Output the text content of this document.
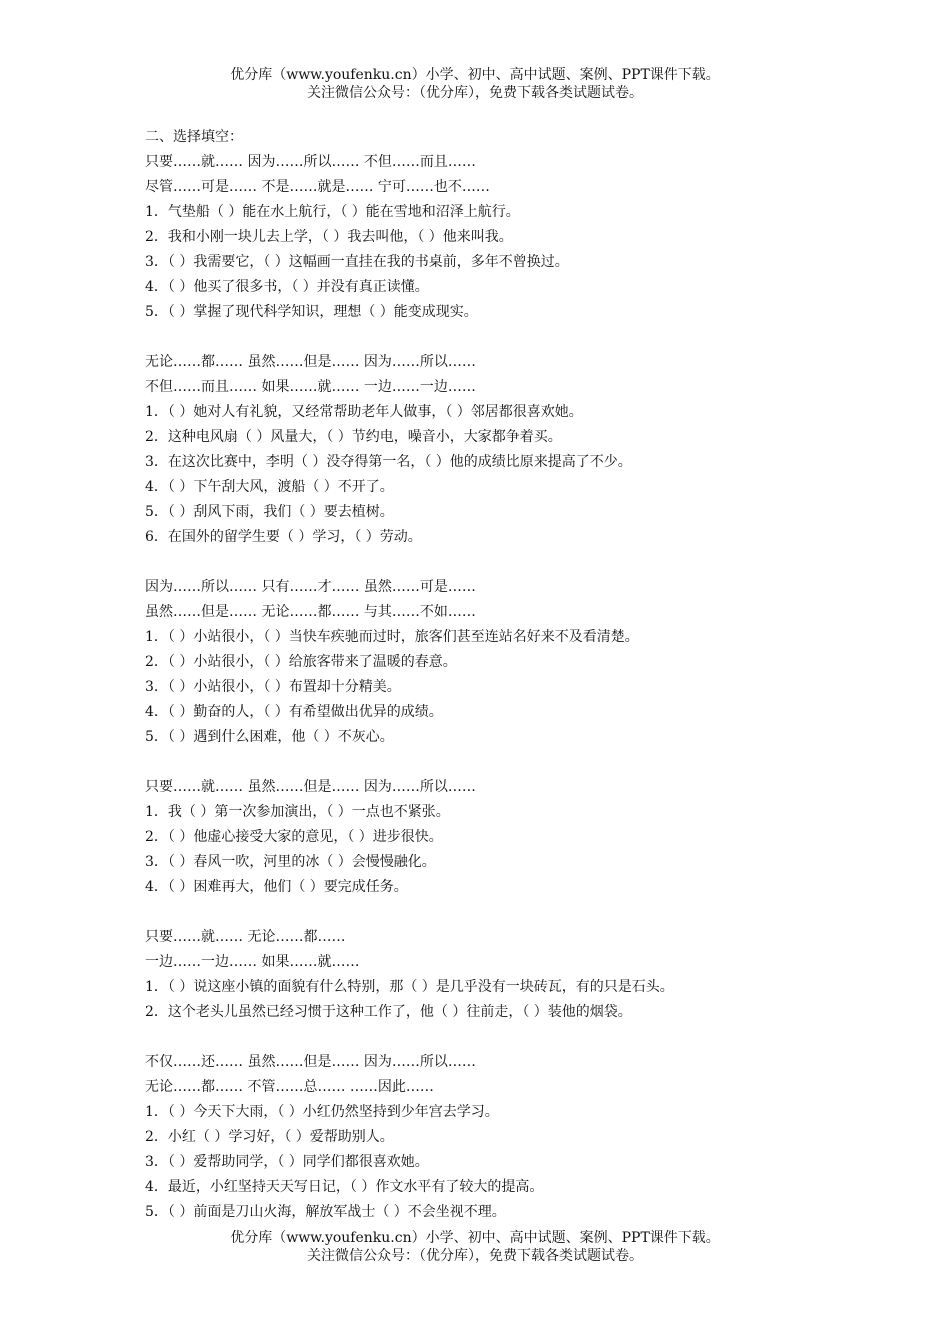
优分库（www.youfenku.cn）小学、初中、高中试题、案例、PPT课件下载。
关注微信公众号：（优分库），免费下载各类试题试卷。
二、选择填空：
只要……就…… 因为……所以…… 不但……而且……
尽管……可是…… 不是……就是…… 宁可……也不……
1．气垫船（ ）能在水上航行，（ ）能在雪地和沼泽上航行。
2．我和小刚一块儿去上学，（ ）我去叫他，（ ）他来叫我。
3．（ ）我需要它，（ ）这幅画一直挂在我的书桌前，多年不曾换过。
4．（ ）他买了很多书，（ ）并没有真正读懂。
5．（ ）掌握了现代科学知识，理想（ ）能变成现实。
无论……都…… 虽然……但是…… 因为……所以……
不但……而且…… 如果……就…… 一边……一边……
1．（ ）她对人有礼貌，又经常帮助老年人做事，（ ）邻居都很喜欢她。
2．这种电风扇（ ）风量大，（ ）节约电，噪音小，大家都争着买。
3．在这次比赛中，李明（ ）没夺得第一名，（ ）他的成绩比原来提高了不少。
4．（ ）下午刮大风，渡船（ ）不开了。
5．（ ）刮风下雨，我们（ ）要去植树。
6．在国外的留学生要（ ）学习，（ ）劳动。
因为……所以…… 只有……才…… 虽然……可是……
虽然……但是…… 无论……都…… 与其……不如……
1．（ ）小站很小，（ ）当快车疾驰而过时，旅客们甚至连站名好来不及看清楚。
2．（ ）小站很小，（ ）给旅客带来了温暖的春意。
3．（ ）小站很小，（ ）布置却十分精美。
4．（ ）勤奋的人，（ ）有希望做出优异的成绩。
5．（ ）遇到什么困难，他（ ）不灰心。
只要……就…… 虽然……但是…… 因为……所以……
1．我（ ）第一次参加演出，（ ）一点也不紧张。
2．（ ）他虚心接受大家的意见，（ ）进步很快。
3．（ ）春风一吹，河里的冰（ ）会慢慢融化。
4．（ ）困难再大，他们（ ）要完成任务。
只要……就…… 无论……都……
一边……一边…… 如果……就……
1．（ ）说这座小镇的面貌有什么特别，那（ ）是几乎没有一块砖瓦，有的只是石头。
2．这个老头儿虽然已经习惯于这种工作了，他（ ）往前走，（ ）装他的烟袋。
不仅……还…… 虽然……但是…… 因为……所以……
无论……都…… 不管……总…… ……因此……
1．（ ）今天下大雨，（ ）小红仍然坚持到少年宫去学习。
2．小红（ ）学习好，（ ）爱帮助别人。
3．（ ）爱帮助同学，（ ）同学们都很喜欢她。
4．最近，小红坚持天天写日记，（ ）作文水平有了较大的提高。
5．（ ）前面是刀山火海，解放军战士（ ）不会坐视不理。
优分库（www.youfenku.cn）小学、初中、高中试题、案例、PPT课件下载。
关注微信公众号：（优分库），免费下载各类试题试卷。
